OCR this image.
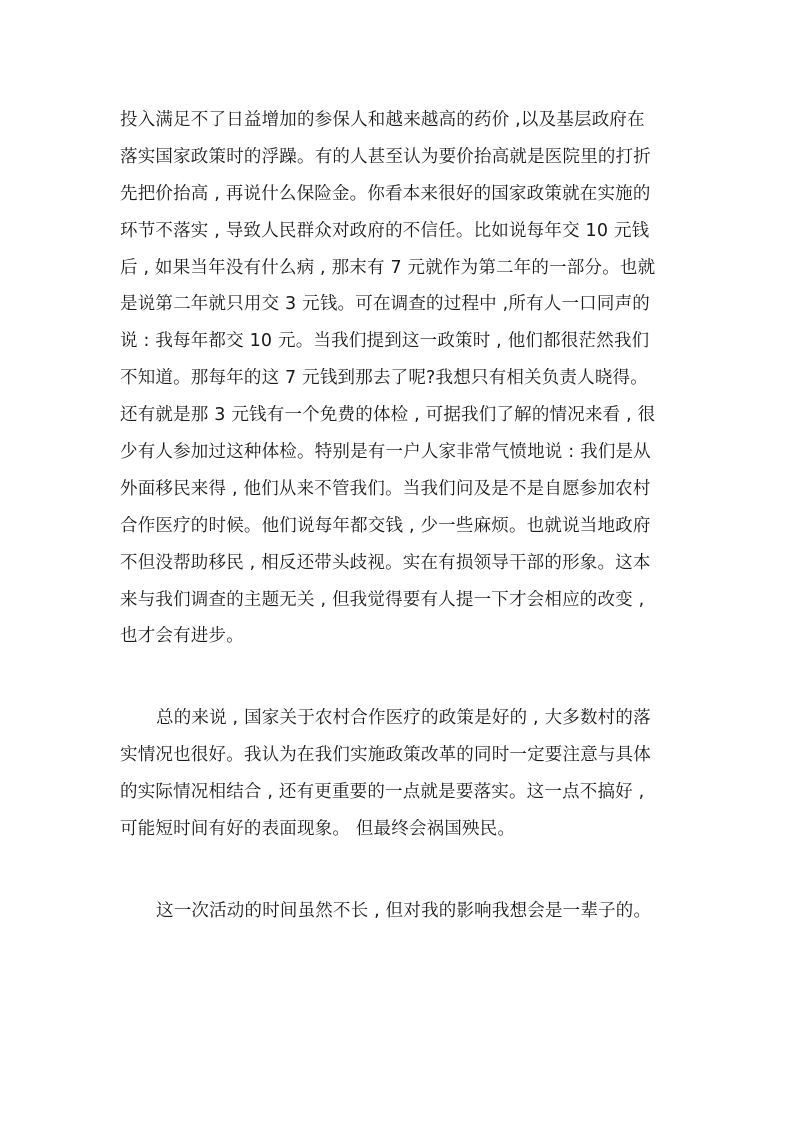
投入满足不了日益增加的参保人和越来越高的药价 ,以及基层政府在
落实国家政策时的浮躁。有的人甚至认为要价抬高就是医院里的打折
先把价抬高 , 再说什么保险金。你看本来很好的国家政策就在实施的
环节不落实 , 导致人民群众对政府的不信任。比如说每年交 10 元钱
后 , 如果当年没有什么病 , 那末有 7 元就作为第二年的一部分。也就
是说第二年就只用交 3 元钱。可在调查的过程中 ,所有人一口同声的
说 : 我每年都交 10 元。当我们提到这一政策时 , 他们都很茫然我们
不知道。那每年的这 7 元钱到那去了呢?我想只有相关负责人晓得。
还有就是那 3 元钱有一个免费的体检 , 可据我们了解的情况来看 , 很
少有人参加过这种体检。特别是有一户人家非常气愤地说 : 我们是从
外面移民来得 , 他们从来不管我们。当我们问及是不是自愿参加农村
合作医疗的时候。他们说每年都交钱 , 少一些麻烦。也就说当地政府
不但没帮助移民 , 相反还带头歧视。实在有损领导干部的形象。这本
来与我们调查的主题无关 , 但我觉得要有人提一下才会相应的改变 ,
也才会有进步。
总的来说 , 国家关于农村合作医疗的政策是好的 , 大多数村的落
实情况也很好。我认为在我们实施政策改革的同时一定要注意与具体
的实际情况相结合 , 还有更重要的一点就是要落实。这一点不搞好 ,
可能短时间有好的表面现象。 但最终会祸国殃民。
这一次活动的时间虽然不长 , 但对我的影响我想会是一辈子的。
